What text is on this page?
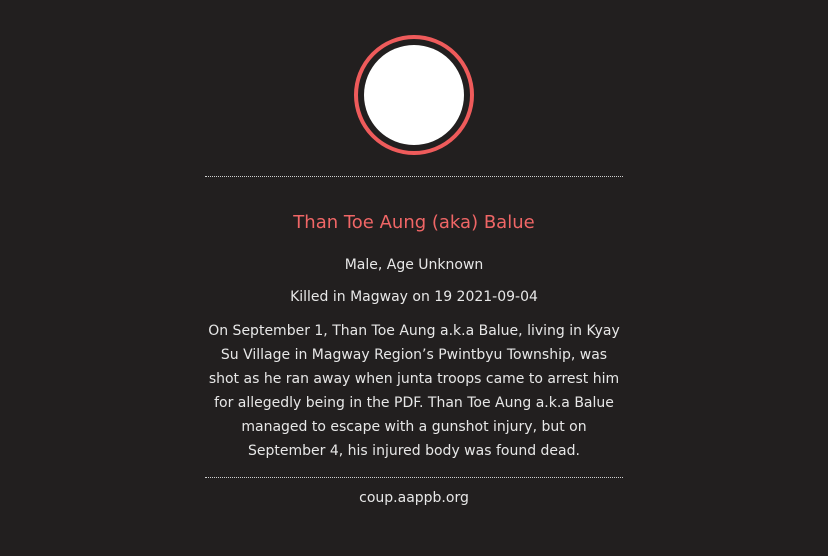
Than Toe Aung (aka) Balue
Male, Age Unknown
Killed in Magway on 19 2021-09-04
On September 1, Than Toe Aung a.k.a Balue, living in Kyay Su Village in Magway Region’s Pwintbyu Township, was shot as he ran away when junta troops came to arrest him for allegedly being in the PDF. Than Toe Aung a.k.a Balue managed to escape with a gunshot injury, but on September 4, his injured body was found dead.
coup.aappb.org
